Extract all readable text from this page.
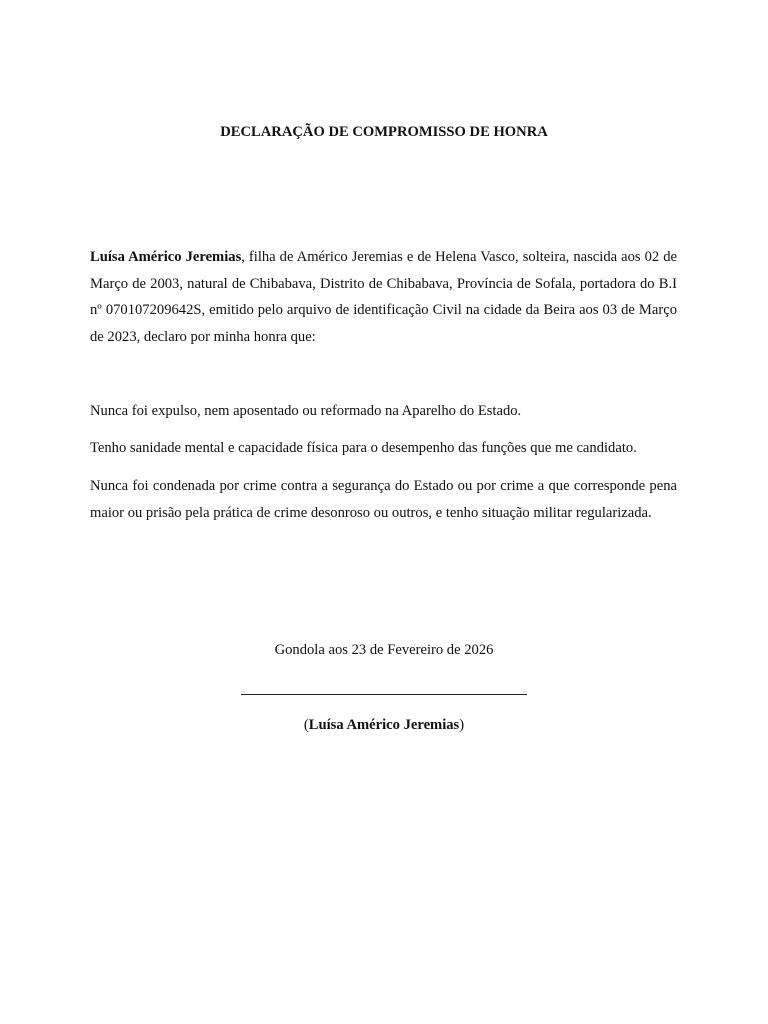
DECLARAÇÃO DE COMPROMISSO DE HONRA

Luísa Américo Jeremias, filha de Américo Jeremias e de Helena Vasco, solteira, nascida aos 02 de Março de 2003, natural de Chibabava, Distrito de Chibabava, Província de Sofala, portadora do B.I nº 070107209642S, emitido pelo arquivo de identificação Civil na cidade da Beira aos 03 de Março de 2023, declaro por minha honra que:

Nunca foi expulso, nem aposentado ou reformado na Aparelho do Estado.

Tenho sanidade mental e capacidade física para o desempenho das funções que me candidato.

Nunca foi condenada por crime contra a segurança do Estado ou por crime a que corresponde pena maior ou prisão pela prática de crime desonroso ou outros, e tenho situação militar regularizada.

Gondola aos 23 de Fevereiro de 2026
(Luísa Américo Jeremias)
